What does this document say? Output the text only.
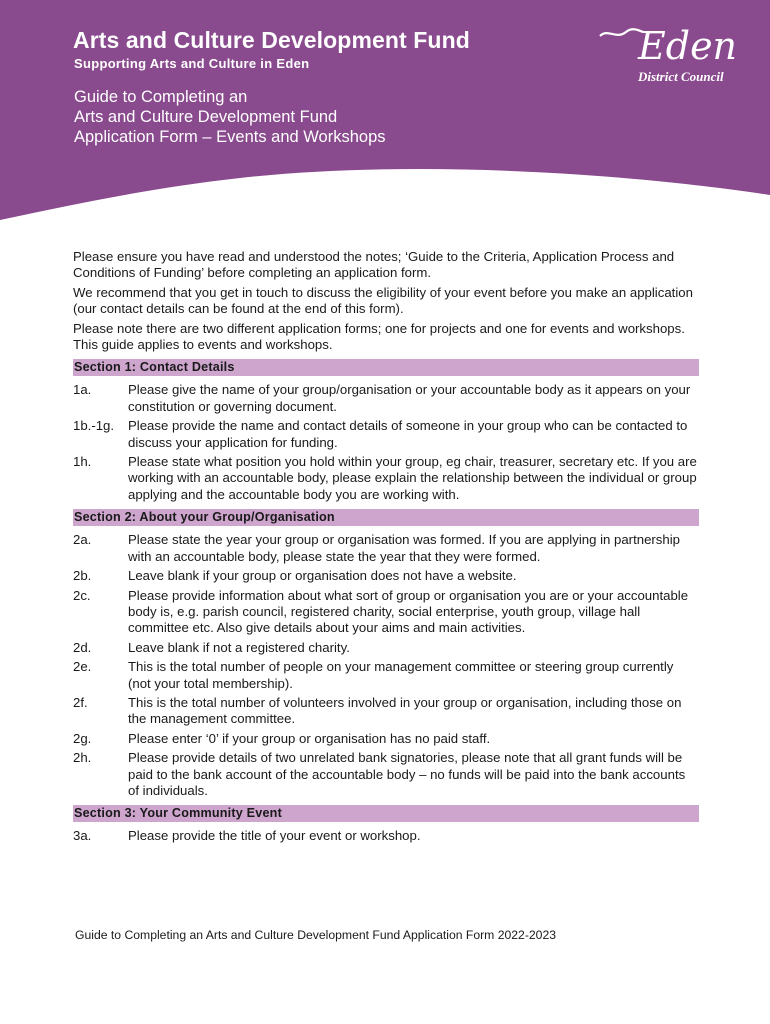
Arts and Culture Development Fund
Supporting Arts and Culture in Eden
Guide to Completing an
Arts and Culture Development Fund
Application Form – Events and Workshops
Eden
District Council

Please ensure you have read and understood the notes; ‘Guide to the Criteria, Application Process and Conditions of Funding’ before completing an application form.

We recommend that you get in touch to discuss the eligibility of your event before you make an application (our contact details can be found at the end of this form).

Please note there are two different application forms; one for projects and one for events and workshops. This guide applies to events and workshops.

Section 1: Contact Details
1a.	Please give the name of your group/organisation or your accountable body as it appears on your constitution or governing document.
1b.-1g.	Please provide the name and contact details of someone in your group who can be contacted to discuss your application for funding.
1h.	Please state what position you hold within your group, eg chair, treasurer, secretary etc. If you are working with an accountable body, please explain the relationship between the individual or group applying and the accountable body you are working with.
Section 2: About your Group/Organisation
2a.	Please state the year your group or organisation was formed. If you are applying in partnership with an accountable body, please state the year that they were formed.
2b.	Leave blank if your group or organisation does not have a website.
2c.	Please provide information about what sort of group or organisation you are or your accountable body is, e.g. parish council, registered charity, social enterprise, youth group, village hall committee etc. Also give details about your aims and main activities.
2d.	Leave blank if not a registered charity.
2e.	This is the total number of people on your management committee or steering group currently (not your total membership).
2f.	This is the total number of volunteers involved in your group or organisation, including those on the management committee.
2g.	Please enter ‘0’ if your group or organisation has no paid staff.
2h.	Please provide details of two unrelated bank signatories, please note that all grant funds will be paid to the bank account of the accountable body – no funds will be paid into the bank accounts of individuals.
Section 3: Your Community Event
3a.	Please provide the title of your event or workshop.
Guide to Completing an Arts and Culture Development Fund Application Form 2022-2023
